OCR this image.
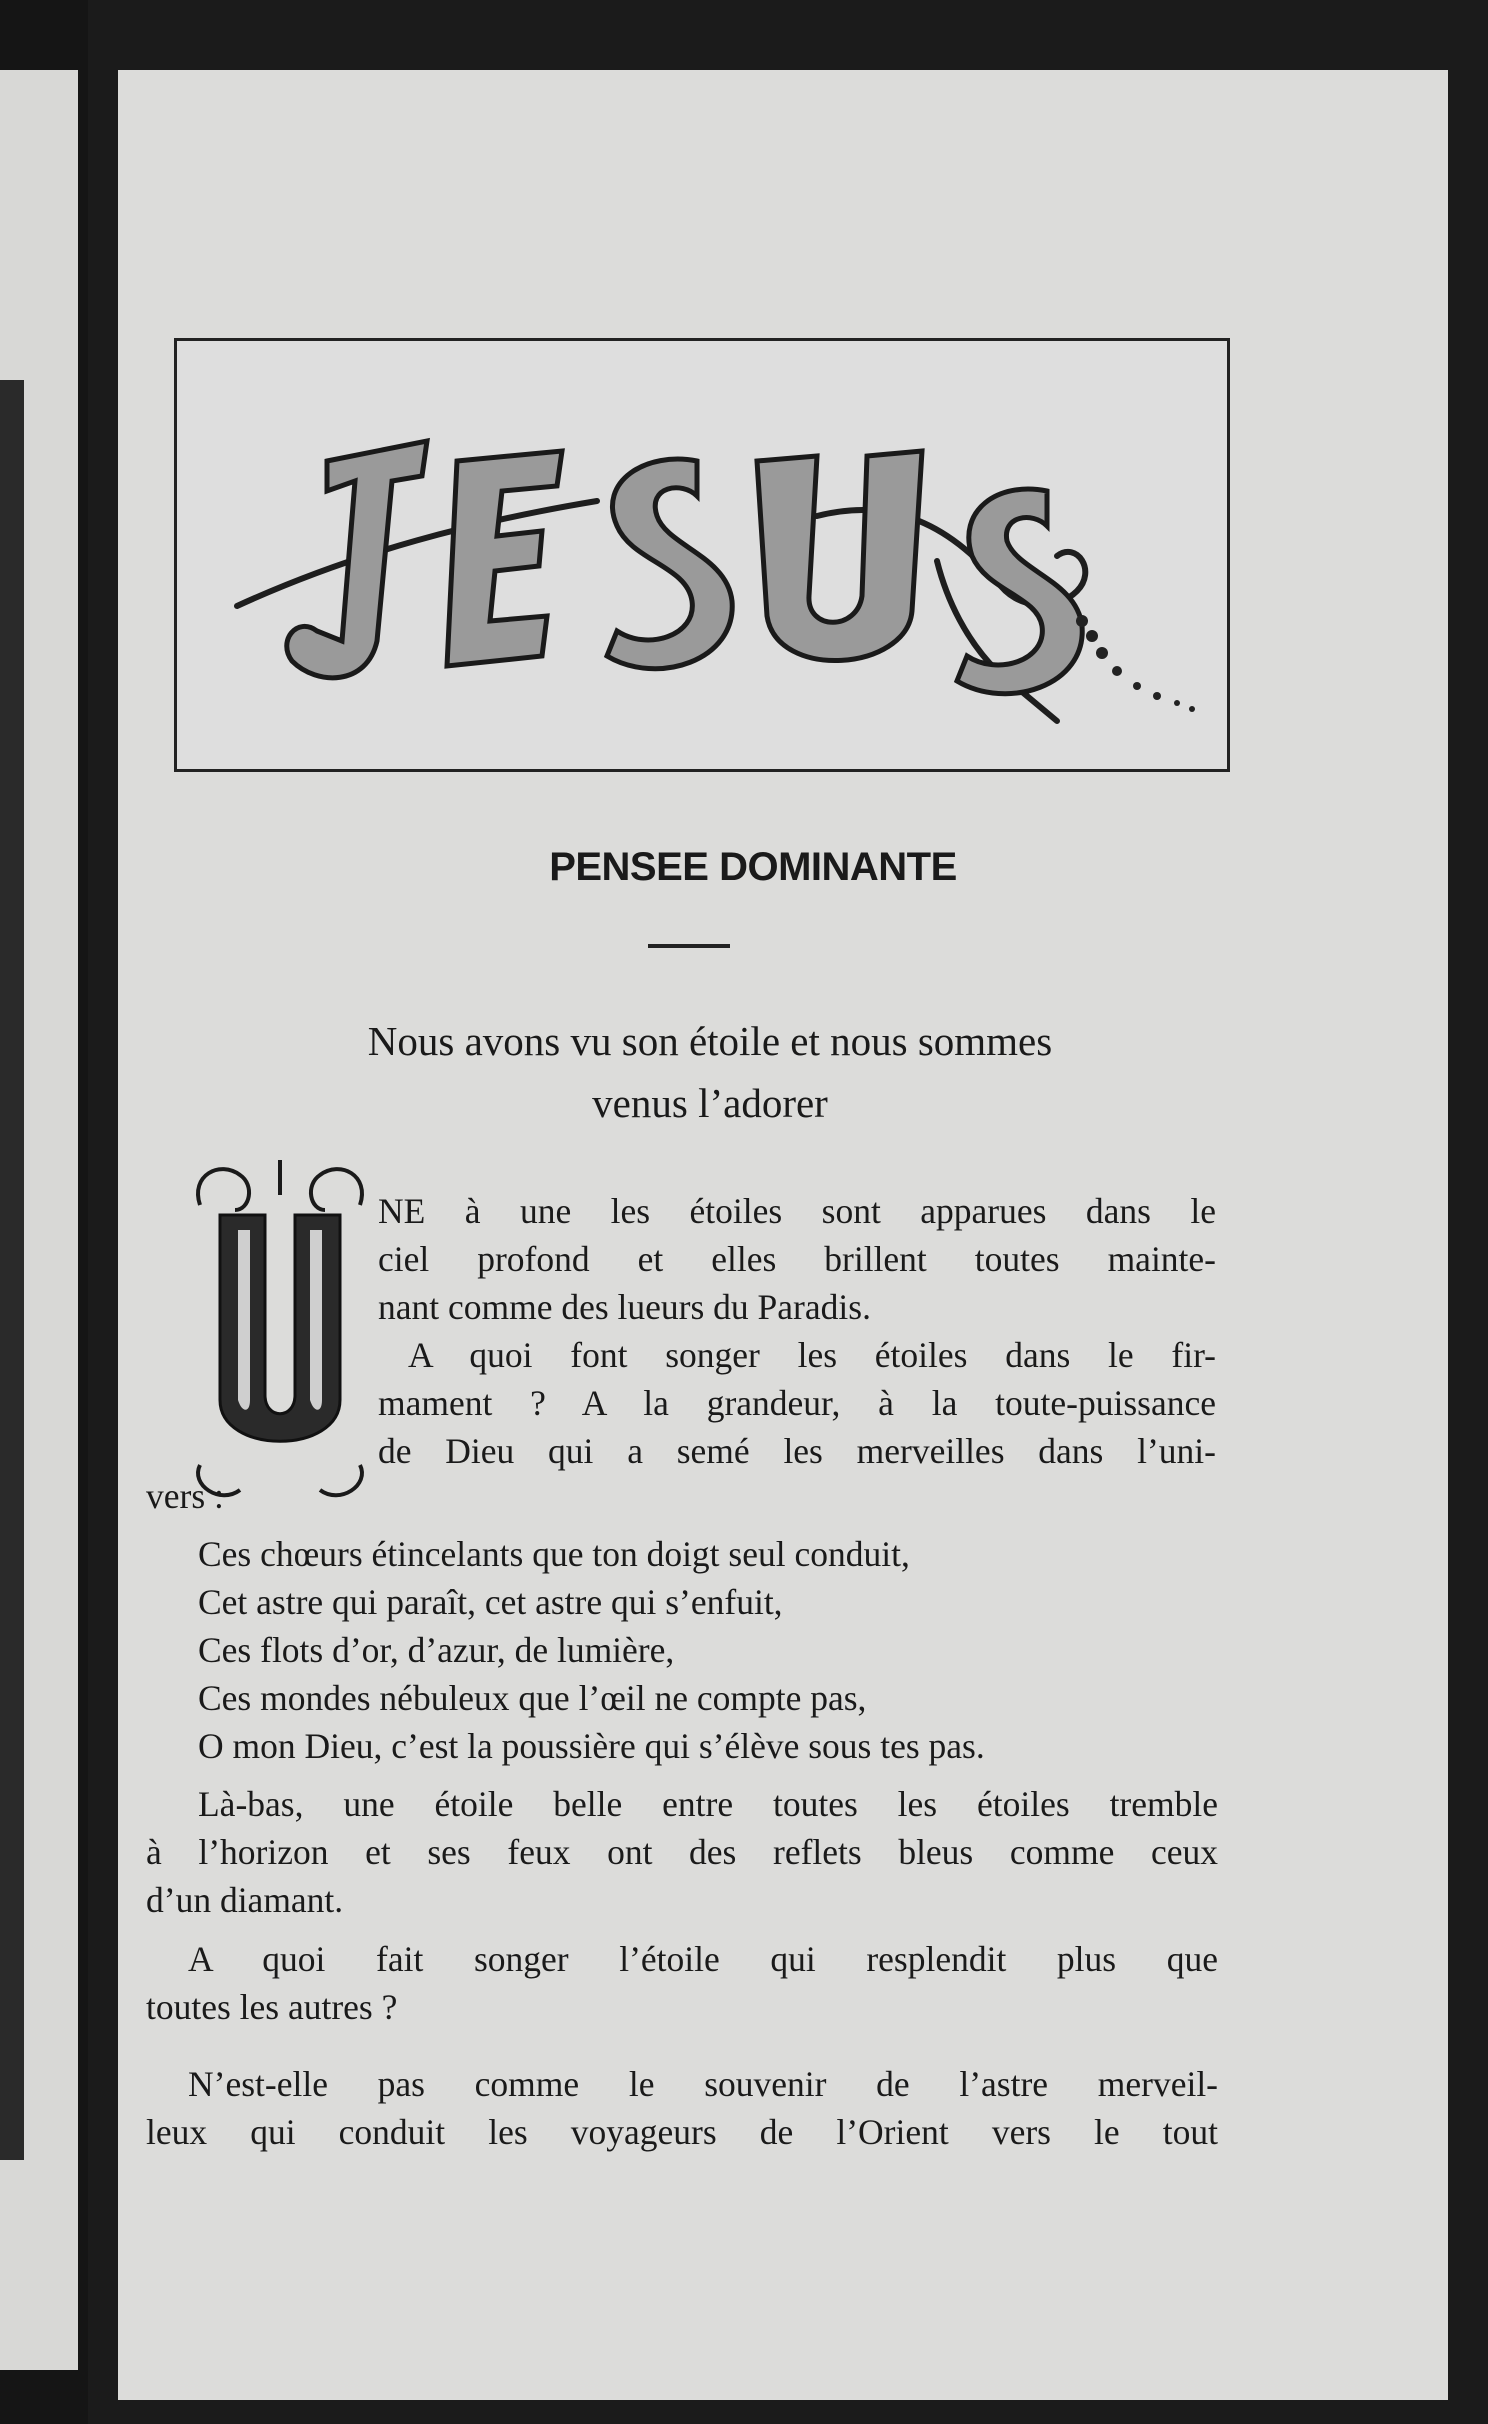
PENSEE DOMINANTE
Nous avons vu son étoile et nous sommes
venus l’adorer
NE à une les étoiles sont apparues dans le
ciel profond et elles brillent toutes mainte-
nant comme des lueurs du Paradis.
A quoi font songer les étoiles dans le fir-
mament ? A la grandeur, à la toute-puissance
de Dieu qui a semé les merveilles dans l’uni-
vers :
Ces chœurs étincelants que ton doigt seul conduit,
Cet astre qui paraît, cet astre qui s’enfuit,
Ces flots d’or, d’azur, de lumière,
Ces mondes nébuleux que l’œil ne compte pas,
O mon Dieu, c’est la poussière qui s’élève sous tes pas.
Là-bas, une étoile belle entre toutes les étoiles tremble
à l’horizon et ses feux ont des reflets bleus comme ceux
d’un diamant.
A quoi fait songer l’étoile qui resplendit plus que
toutes les autres ?
N’est-elle pas comme le souvenir de l’astre merveil-
leux qui conduit les voyageurs de l’Orient vers le tout
